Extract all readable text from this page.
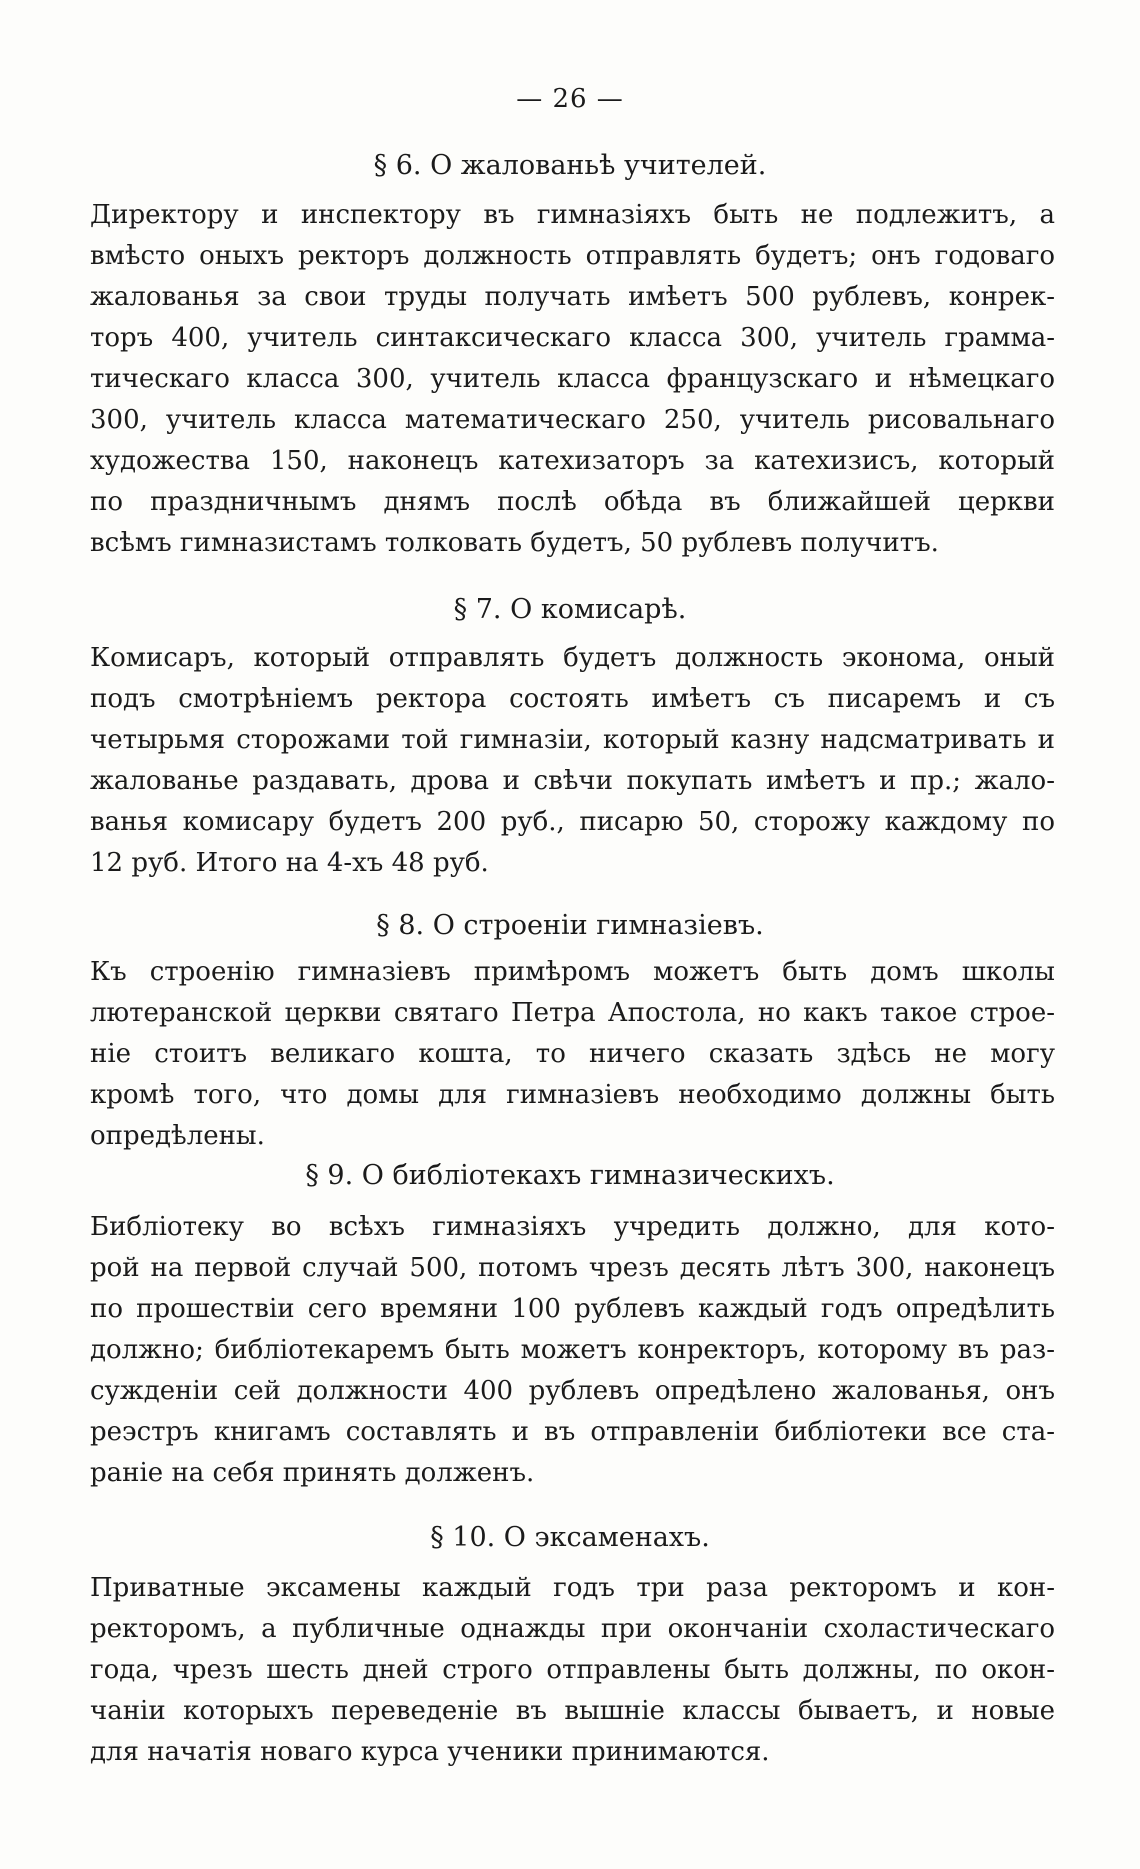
— 26 —
§ 6. О жалованьѣ учителей.
Директору и инспектору въ гимназіяхъ быть не подлежитъ, а
вмѣсто оныхъ ректоръ должность отправлять будетъ; онъ годоваго
жалованья за свои труды получать имѣетъ 500 рублевъ, конрек-
торъ 400, учитель синтаксическаго класса 300, учитель грамма-
тическаго класса 300, учитель класса французскаго и нѣмецкаго
300, учитель класса математическаго 250, учитель рисовальнаго
художества 150, наконецъ катехизаторъ за катехизисъ, который
по праздничнымъ днямъ послѣ обѣда въ ближайшей церкви
всѣмъ гимназистамъ толковать будетъ, 50 рублевъ получитъ.
§ 7. О комисарѣ.
Комисаръ, который отправлять будетъ должность эконома, оный
подъ смотрѣніемъ ректора состоять имѣетъ съ писаремъ и съ
четырьмя сторожами той гимназіи, который казну надсматривать и
жалованье раздавать, дрова и свѣчи покупать имѣетъ и пр.; жало-
ванья комисару будетъ 200 руб., писарю 50, сторожу каждому по
12 руб. Итого на 4-хъ 48 руб.
§ 8. О строеніи гимназіевъ.
Къ строенію гимназіевъ примѣромъ можетъ быть домъ школы
лютеранской церкви святаго Петра Апостола, но какъ такое строе-
ніе стоитъ великаго кошта, то ничего сказать здѣсь не могу
кромѣ того, что домы для гимназіевъ необходимо должны быть
опредѣлены.
§ 9. О библіотекахъ гимназическихъ.
Библіотеку во всѣхъ гимназіяхъ учредить должно, для кото-
рой на первой случай 500, потомъ чрезъ десять лѣтъ 300, наконецъ
по прошествіи сего времяни 100 рублевъ каждый годъ опредѣлить
должно; библіотекаремъ быть можетъ конректоръ, которому въ раз-
сужденіи сей должности 400 рублевъ опредѣлено жалованья, онъ
реэстръ книгамъ составлять и въ отправленіи библіотеки все ста-
раніе на себя принять долженъ.
§ 10. О эксаменахъ.
Приватные эксамены каждый годъ три раза ректоромъ и кон-
ректоромъ, а публичные однажды при окончаніи схоластическаго
года, чрезъ шесть дней строго отправлены быть должны, по окон-
чаніи которыхъ переведеніе въ вышніе классы бываетъ, и новые
для начатія новаго курса ученики принимаются.
